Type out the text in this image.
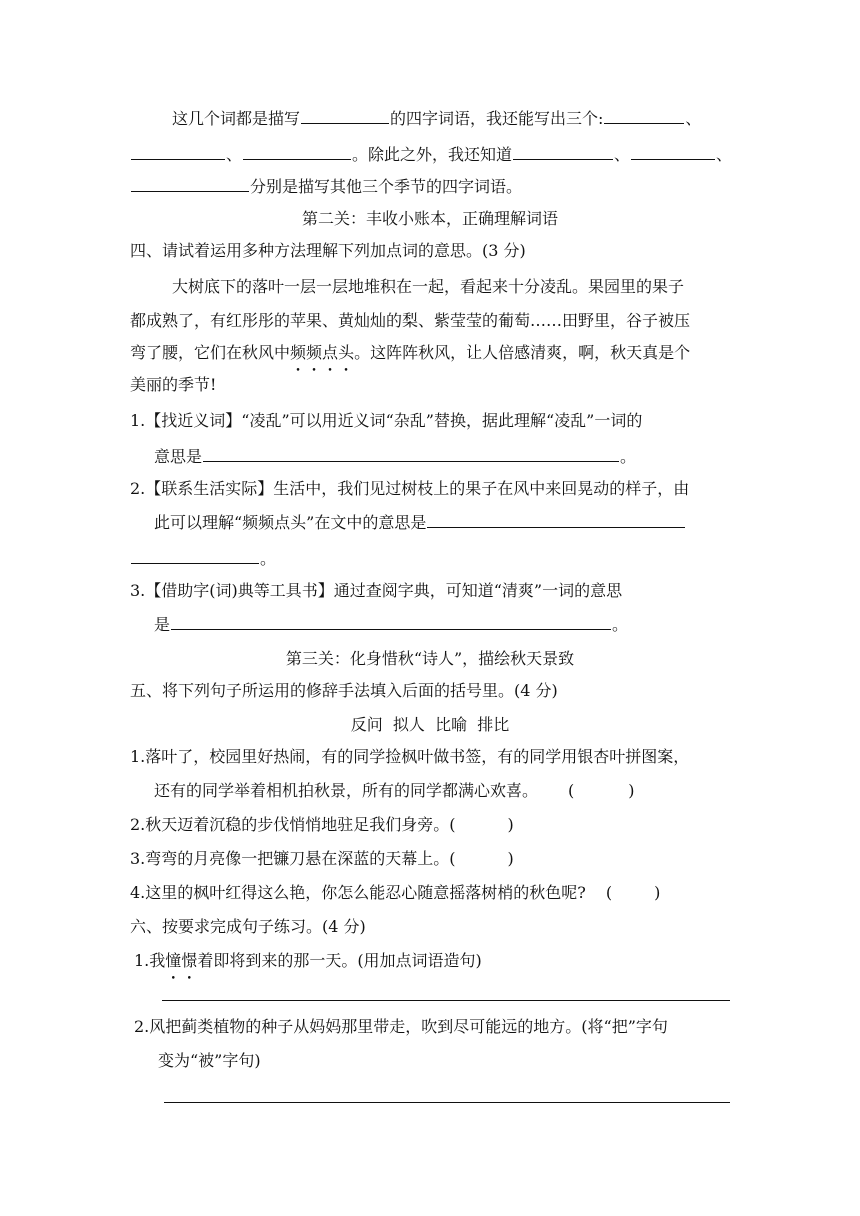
这几个词都是描写	的四字词语，我还能写出三个:	、
、	。除此之外，我还知道	、	、
分别是描写其他三个季节的四字词语。
第二关：丰收小账本，正确理解词语
四、请试着运用多种方法理解下列加点词的意思。(3 分)
大树底下的落叶一层一层地堆积在一起，看起来十分凌乱。果园里的果子
都成熟了，有红彤彤的苹果、黄灿灿的梨、紫莹莹的葡萄……田野里，谷子被压
弯了腰，它们在秋风中频频点头。这阵阵秋风，让人倍感清爽，啊，秋天真是个
美丽的季节!
1.【找近义词】“凌乱”可以用近义词“杂乱”替换，据此理解“凌乱”一词的
意思是	。
2.【联系生活实际】生活中，我们见过树枝上的果子在风中来回晃动的样子，由
此可以理解“频频点头”在文中的意思是
。
3.【借助字(词)典等工具书】通过查阅字典，可知道“清爽”一词的意思
是	。
第三关：化身惜秋“诗人”，描绘秋天景致
五、将下列句子所运用的修辞手法填入后面的括号里。(4 分)
反问  拟人  比喻  排比
1.落叶了，校园里好热闹，有的同学捡枫叶做书签，有的同学用银杏叶拼图案，
还有的同学举着相机拍秋景，所有的同学都满心欢喜。 (	)
2.秋天迈着沉稳的步伐悄悄地驻足我们身旁。(	)
3.弯弯的月亮像一把镰刀悬在深蓝的天幕上。(	)
4.这里的枫叶红得这么艳，你怎么能忍心随意摇落树梢的秋色呢? (	)
六、按要求完成句子练习。(4 分)
1.我憧憬着即将到来的那一天。(用加点词语造句)
2.风把蓟类植物的种子从妈妈那里带走，吹到尽可能远的地方。(将“把”字句
变为“被”字句)
